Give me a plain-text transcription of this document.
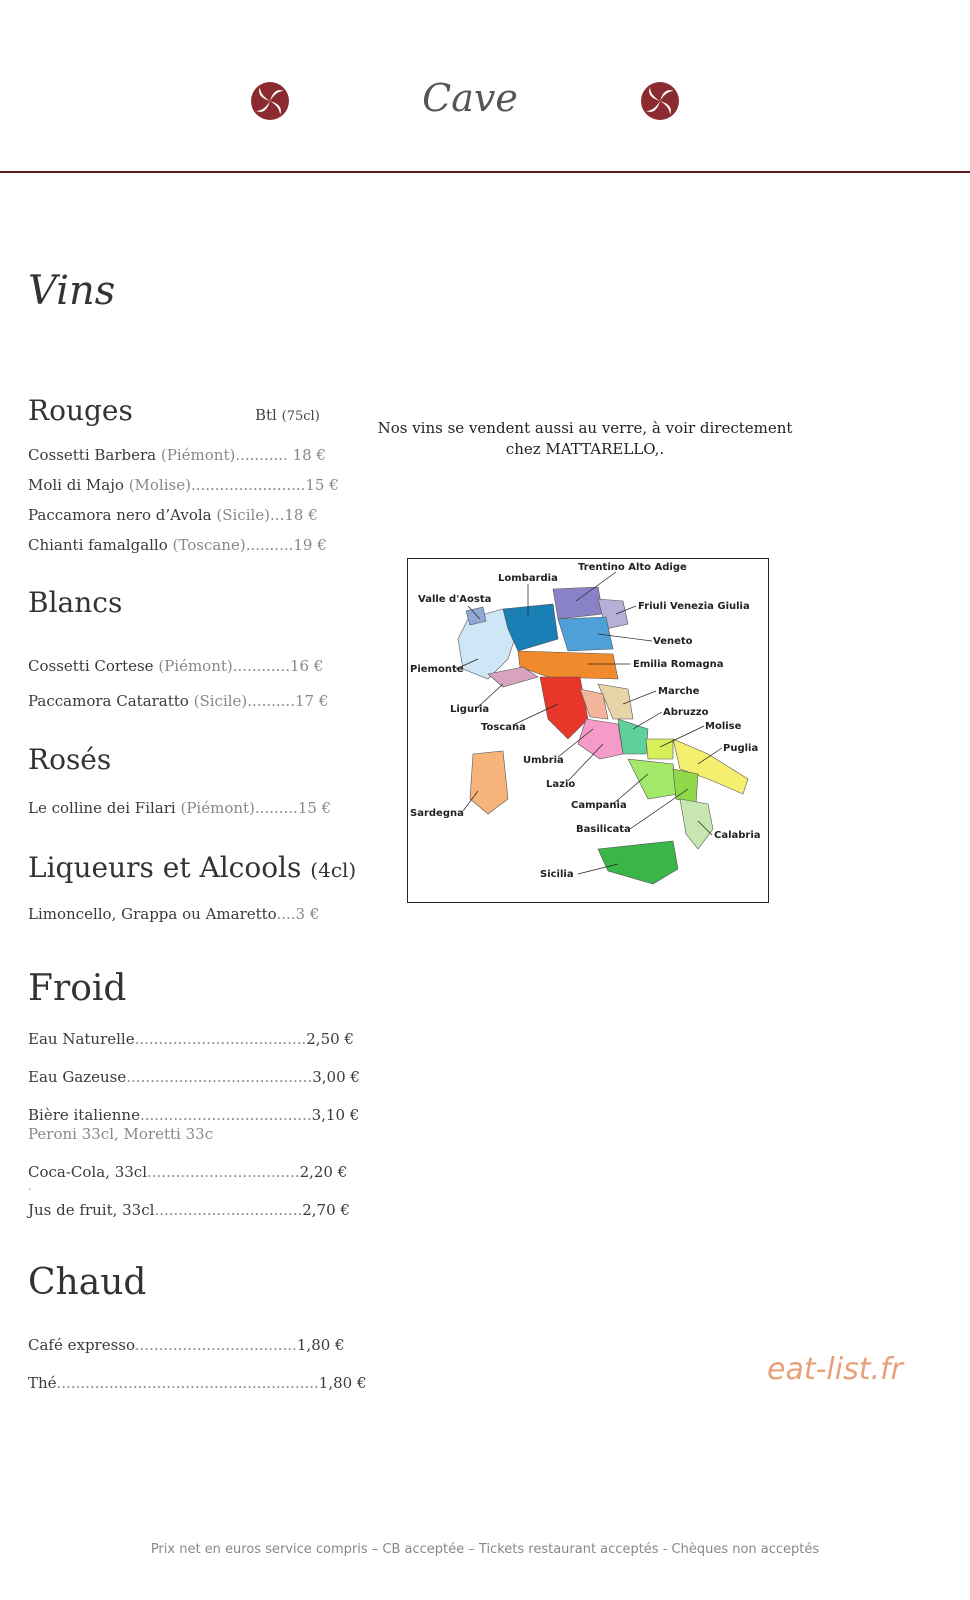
Cave
Vins
Rouges	Btl (75cl)
Cossetti Barbera (Piémont)........... 18 €
Moli di Majo (Molise)........................15 €
Paccamora nero d’Avola (Sicile)...18 €
Chianti famalgallo (Toscane)..........19 €
Blancs
Cossetti Cortese (Piémont)............16 €
Paccamora Cataratto (Sicile)..........17 €
Rosés
Le colline dei Filari (Piémont).........15 €
Liqueurs et Alcools (4cl)
Limoncello, Grappa ou Amaretto....3 €
Froid
Eau Naturelle....................................2,50 €
Eau Gazeuse.......................................3,00 €
Bière italienne....................................3,10 €
Peroni 33cl, Moretti 33c
Coca-Cola, 33cl................................2,20 €
.
Jus de fruit, 33cl...............................2,70 €
Chaud
Café expresso..................................1,80 €
Thé.......................................................1,80 €
Nos vins se vendent aussi au verre, à voir directement
chez MATTARELLO,.
Trentino Alto Adige
Lombardia
Valle d'Aosta
Friuli Venezia Giulia
Veneto
Piemonte	Emilia Romagna
Marche
Liguria	Abruzzo
Toscana	Molise
Puglia
Umbria
Lazio
Sardegna
Campania
Basilicata
Calabria
Sicilia
eat-list.fr
Prix net en euros service compris – CB acceptée – Tickets restaurant acceptés - Chèques non acceptés
